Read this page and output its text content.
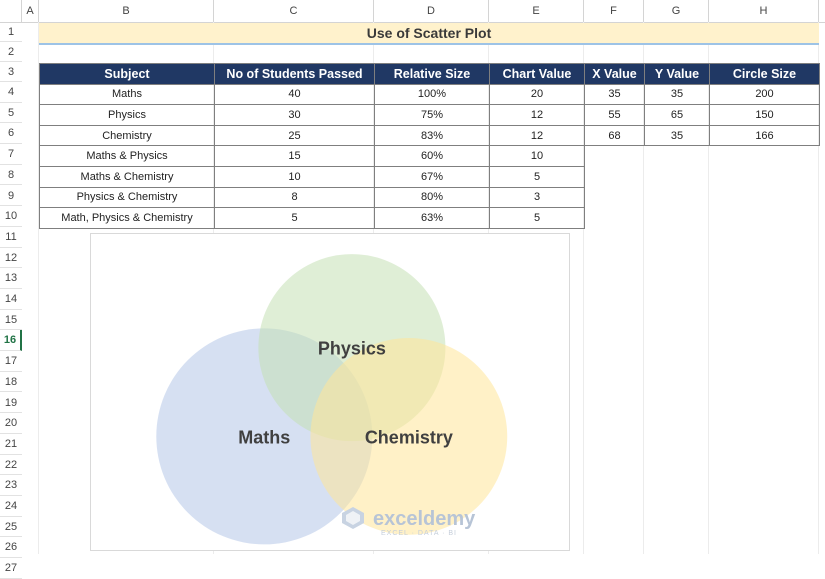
A	B	C	D	E	F	G	H
1
2
3
4
5
6
7
8
9
10
11
12
13
14
15
16
17
18
19
20
21
22
23
24
25
26
27
Use of Scatter Plot
Subject	No of Students Passed	Relative Size	Chart Value	X Value	Y Value	Circle Size
Maths	40	100%	20	35	35	200
Physics	30	75%	12	55	65	150
Chemistry	25	83%	12	68	35	166
Maths & Physics	15	60%	10			
Maths & Chemistry	10	67%	5			
Physics & Chemistry	8	80%	3			
Math, Physics & Chemistry	5	63%	5			
Maths
Physics
Chemistry
exceldemy
EXCEL · DATA · BI
